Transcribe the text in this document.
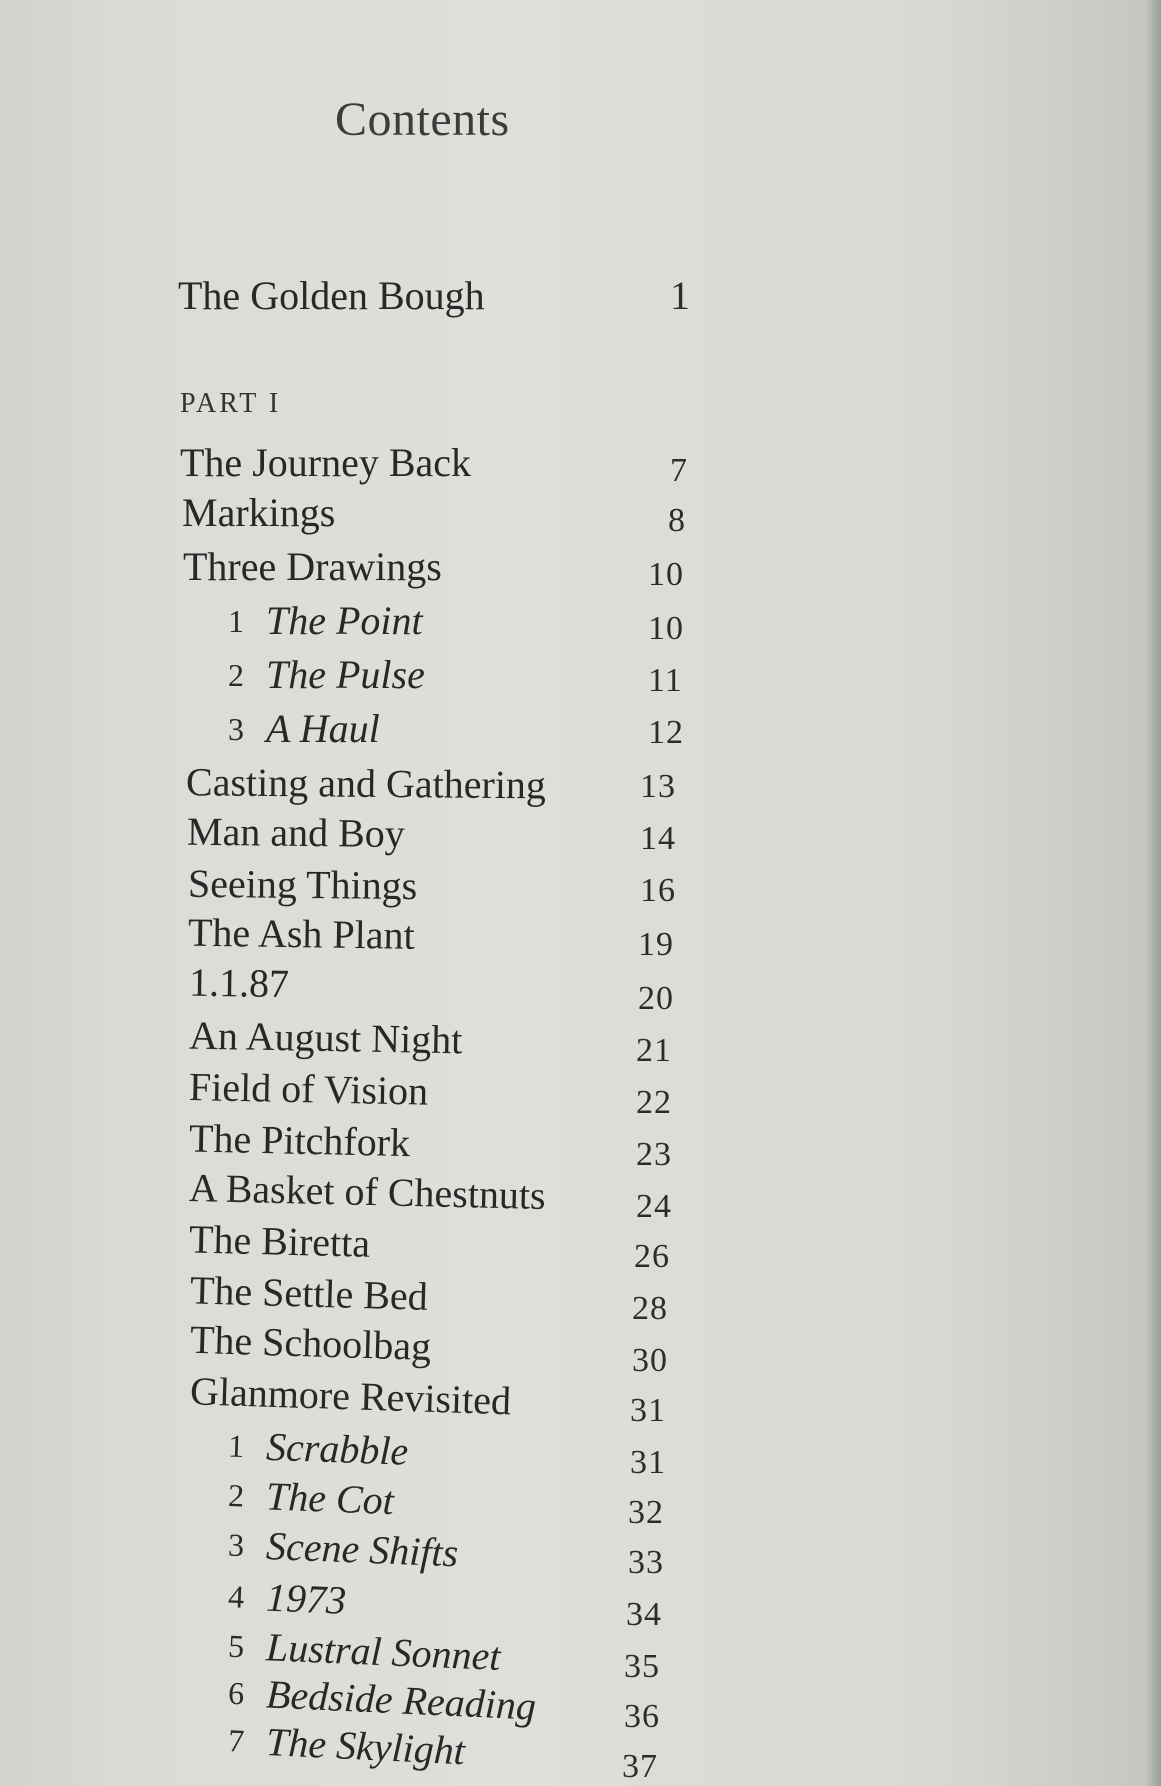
Contents
The Golden Bough	1
PART I
The Journey Back	7
Markings	8
Three Drawings	10
1 The Point	10
2 The Pulse	11
3 A Haul	12
Casting and Gathering	13
Man and Boy	14
Seeing Things	16
The Ash Plant	19
1.1.87	20
An August Night	21
Field of Vision	22
The Pitchfork	23
A Basket of Chestnuts	24
The Biretta	26
The Settle Bed	28
The Schoolbag	30
Glanmore Revisited	31
1 Scrabble	31
2 The Cot	32
3 Scene Shifts	33
4 1973	34
5 Lustral Sonnet	35
6 Bedside Reading	36
7 The Skylight	37
